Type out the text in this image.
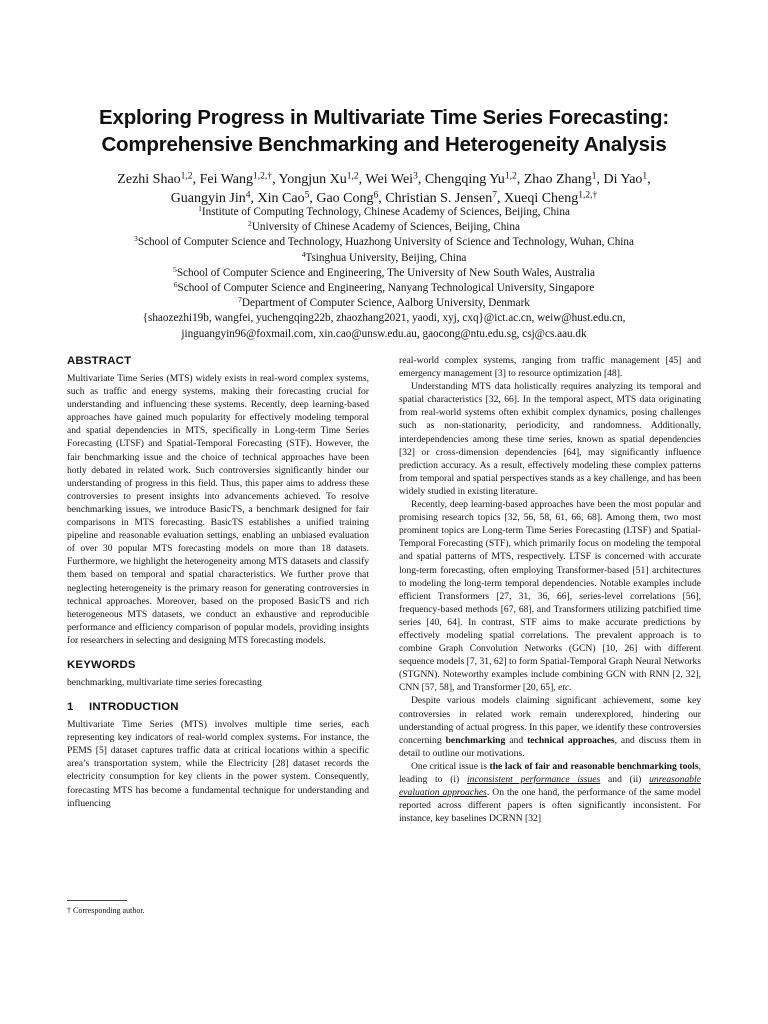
Exploring Progress in Multivariate Time Series Forecasting:
Comprehensive Benchmarking and Heterogeneity Analysis
Zezhi Shao$^{1,2}$, Fei Wang$^{1,2,\dagger}$, Yongjun Xu$^{1,2}$, Wei Wei$^3$, Chengqing Yu$^{1,2}$, Zhao Zhang$^1$, Di Yao$^1$,
Guangyin Jin$^4$, Xin Cao$^5$, Gao Cong$^6$, Christian S. Jensen$^7$, Xueqi Cheng$^{1,2,\dagger}$
$^1$Institute of Computing Technology, Chinese Academy of Sciences, Beijing, China
$^2$University of Chinese Academy of Sciences, Beijing, China
$^3$School of Computer Science and Technology, Huazhong University of Science and Technology, Wuhan, China
$^4$Tsinghua University, Beijing, China
$^5$School of Computer Science and Engineering, The University of New South Wales, Australia
$^6$School of Computer Science and Engineering, Nanyang Technological University, Singapore
$^7$Department of Computer Science, Aalborg University, Denmark
{shaozezhi19b, wangfei, yuchengqing22b, zhaozhang2021, yaodi, xyj, cxq}@ict.ac.cn, weiw@hust.edu.cn,
jinguangyin96@foxmail.com, xin.cao@unsw.edu.au, gaocong@ntu.edu.sg, csj@cs.aau.dk
ABSTRACT

Multivariate Time Series (MTS) widely exists in real-word complex systems, such as traffic and energy systems, making their forecasting crucial for understanding and influencing these systems. Recently, deep learning-based approaches have gained much popularity for effectively modeling temporal and spatial dependencies in MTS, specifically in Long-term Time Series Forecasting (LTSF) and Spatial-Temporal Forecasting (STF). However, the fair benchmarking issue and the choice of technical approaches have been hotly debated in related work. Such controversies significantly hinder our understanding of progress in this field. Thus, this paper aims to address these controversies to present insights into advancements achieved. To resolve benchmarking issues, we introduce BasicTS, a benchmark designed for fair comparisons in MTS forecasting. BasicTS establishes a unified training pipeline and reasonable evaluation settings, enabling an unbiased evaluation of over 30 popular MTS forecasting models on more than 18 datasets. Furthermore, we highlight the heterogeneity among MTS datasets and classify them based on temporal and spatial characteristics. We further prove that neglecting heterogeneity is the primary reason for generating controversies in technical approaches. Moreover, based on the proposed BasicTS and rich heterogeneous MTS datasets, we conduct an exhaustive and reproducible performance and efficiency comparison of popular models, providing insights for researchers in selecting and designing MTS forecasting models.

KEYWORDS

benchmarking, multivariate time series forecasting

1 INTRODUCTION

Multivariate Time Series (MTS) involves multiple time series, each representing key indicators of real-world complex systems. For instance, the PEMS [5] dataset captures traffic data at critical locations within a specific area’s transportation system, while the Electricity [28] dataset records the electricity consumption for key clients in the power system. Consequently, forecasting MTS has become a fundamental technique for understanding and influencing

† Corresponding author.

real-world complex systems, ranging from traffic management [45] and emergency management [3] to resource optimization [48].

Understanding MTS data holistically requires analyzing its temporal and spatial characteristics [32, 66]. In the temporal aspect, MTS data originating from real-world systems often exhibit complex dynamics, posing challenges such as non-stationarity, periodicity, and randomness. Additionally, interdependencies among these time series, known as spatial dependencies [32] or cross-dimension dependencies [64], may significantly influence prediction accuracy. As a result, effectively modeling these complex patterns from temporal and spatial perspectives stands as a key challenge, and has been widely studied in existing literature.

Recently, deep learning-based approaches have been the most popular and promising research topics [32, 56, 58, 61, 66, 68]. Among them, two most prominent topics are Long-term Time Series Forecasting (LTSF) and Spatial-Temporal Forecasting (STF), which primarily focus on modeling the temporal and spatial patterns of MTS, respectively. LTSF is concerned with accurate long-term forecasting, often employing Transformer-based [51] architectures to modeling the long-term temporal dependencies. Notable examples include efficient Transformers [27, 31, 36, 66], series-level correlations [56], frequency-based methods [67, 68], and Transformers utilizing patchified time series [40, 64]. In contrast, STF aims to make accurate predictions by effectively modeling spatial correlations. The prevalent approach is to combine Graph Convolution Networks (GCN) [10, 26] with different sequence models [7, 31, 62] to form Spatial-Temporal Graph Neural Networks (STGNN). Noteworthy examples include combining GCN with RNN [2, 32], CNN [57, 58], and Transformer [20, 65], etc.

Despite various models claiming significant achievement, some key controversies in related work remain underexplored, hindering our understanding of actual progress. In this paper, we identify these controversies concerning benchmarking and technical approaches, and discuss them in detail to outline our motivations.

One critical issue is the lack of fair and reasonable benchmarking tools, leading to (i) inconsistent performance issues and (ii) unreasonable evaluation approaches. On the one hand, the performance of the same model reported across different papers is often significantly inconsistent. For instance, key baselines DCRNN [32]
